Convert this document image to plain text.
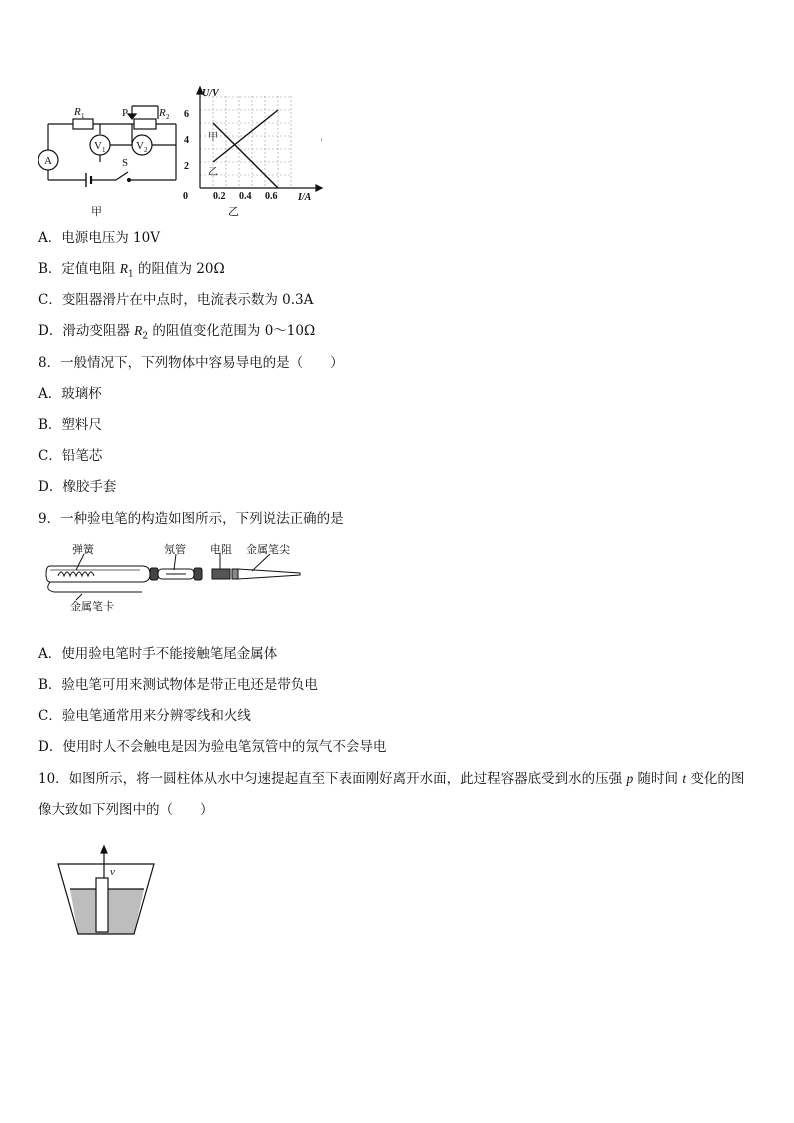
R 1	P	R 2
A
V 1	V 2
S
甲
U/V
I/A
0	0.2 0.4 0.6
2
4
6
甲
乙
乙
'
A．电源电压为 10V
B．定值电阻 $R_1$ 的阻值为 20Ω
C．变阻器滑片在中点时，电流表示数为 0.3A
D．滑动变阻器 $R_2$ 的阻值变化范围为 0～10Ω
8．一般情况下，下列物体中容易导电的是（　　）
A．玻璃杯
B．塑料尺
C．铅笔芯
D．橡胶手套
9．一种验电笔的构造如图所示，下列说法正确的是
弹簧	氖管 电阻 金属笔尖
金属笔卡
A．使用验电笔时手不能接触笔尾金属体
B．验电笔可用来测试物体是带正电还是带负电
C．验电笔通常用来分辨零线和火线
D．使用时人不会触电是因为验电笔氖管中的氖气不会导电
10．如图所示，将一圆柱体从水中匀速提起直至下表面刚好离开水面，此过程容器底受到水的压强 p 随时间 t 变化的图
像大致如下列图中的（　　）
v
